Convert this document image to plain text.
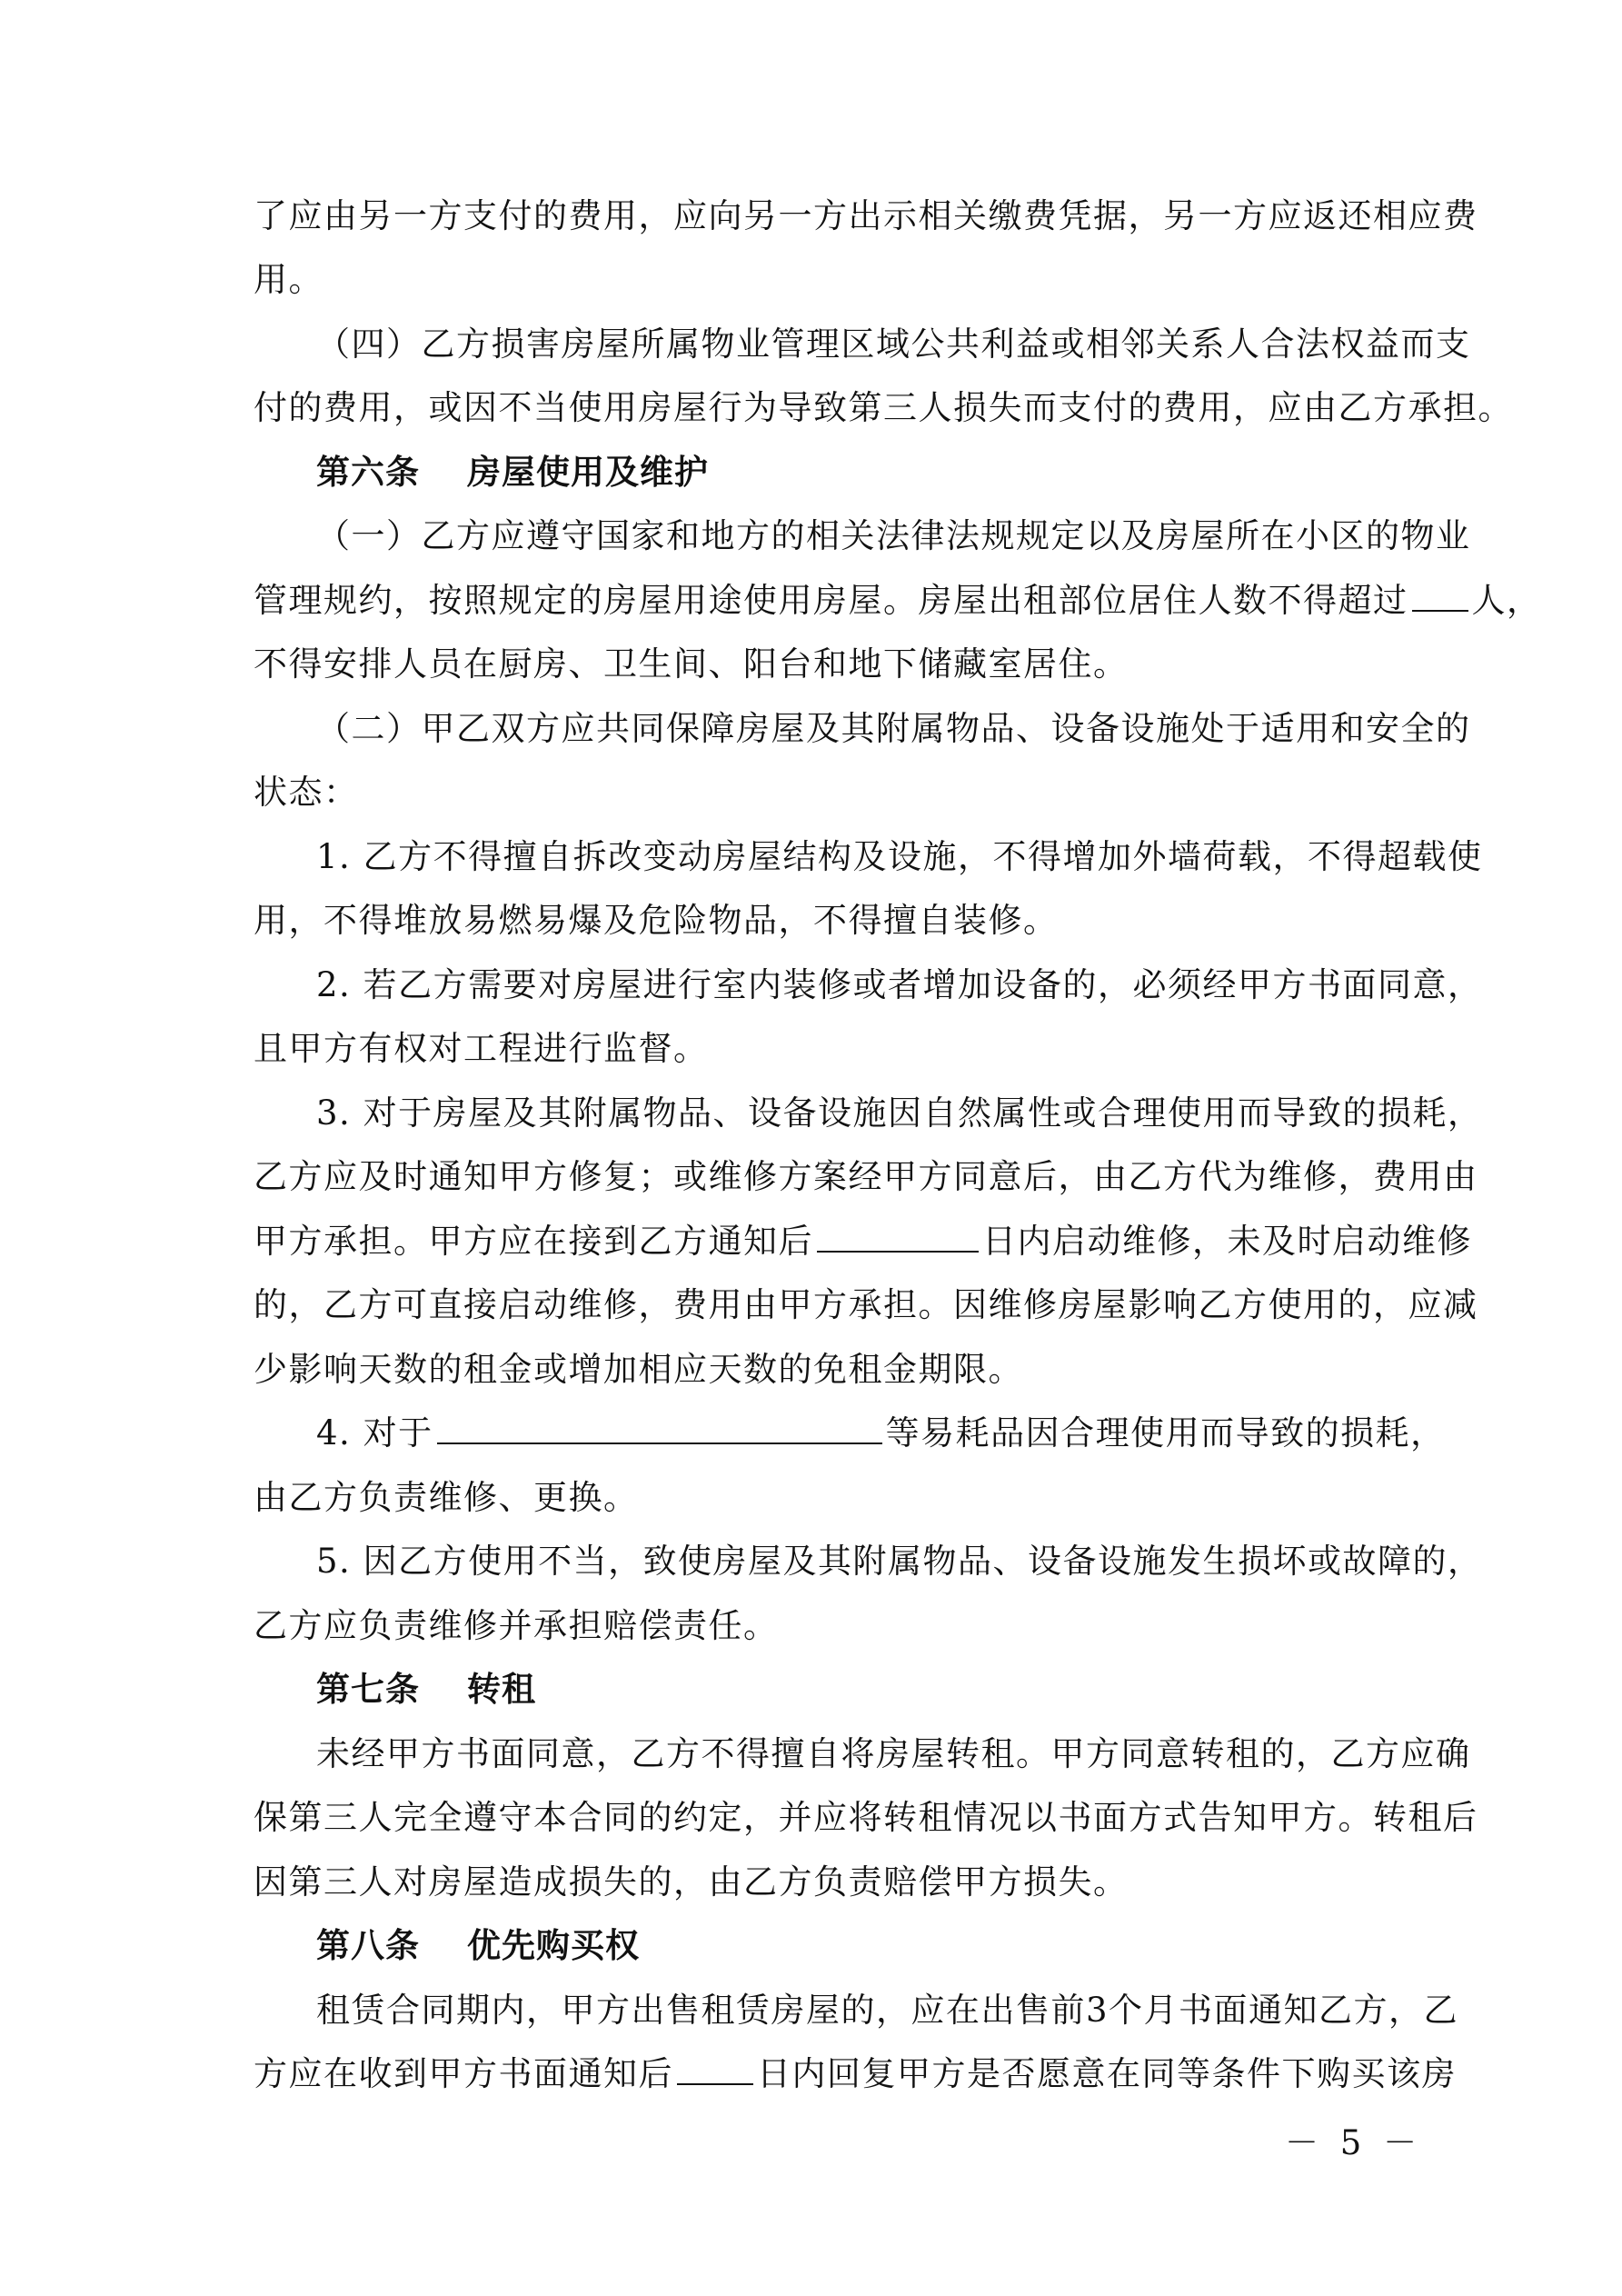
了应由另一方支付的费用，应向另一方出示相关缴费凭据，另一方应返还相应费

用。

（四）乙方损害房屋所属物业管理区域公共利益或相邻关系人合法权益而支

付的费用，或因不当使用房屋行为导致第三人损失而支付的费用，应由乙方承担。

第六条 房屋使用及维护

（一）乙方应遵守国家和地方的相关法律法规规定以及房屋所在小区的物业

管理规约，按照规定的房屋用途使用房屋。房屋出租部位居住人数不得超过 人，

不得安排人员在厨房、卫生间、阳台和地下储藏室居住。

（二）甲乙双方应共同保障房屋及其附属物品、设备设施处于适用和安全的

状态：

1. 乙方不得擅自拆改变动房屋结构及设施，不得增加外墙荷载，不得超载使

用，不得堆放易燃易爆及危险物品，不得擅自装修。

2. 若乙方需要对房屋进行室内装修或者增加设备的，必须经甲方书面同意，

且甲方有权对工程进行监督。

3. 对于房屋及其附属物品、设备设施因自然属性或合理使用而导致的损耗，

乙方应及时通知甲方修复；或维修方案经甲方同意后，由乙方代为维修，费用由

甲方承担。甲方应在接到乙方通知后	日内启动维修，未及时启动维修

的，乙方可直接启动维修，费用由甲方承担。因维修房屋影响乙方使用的，应减

少影响天数的租金或增加相应天数的免租金期限。

4. 对于	等易耗品因合理使用而导致的损耗，

由乙方负责维修、更换。

5. 因乙方使用不当，致使房屋及其附属物品、设备设施发生损坏或故障的，

乙方应负责维修并承担赔偿责任。

第七条 转租

未经甲方书面同意，乙方不得擅自将房屋转租。甲方同意转租的，乙方应确

保第三人完全遵守本合同的约定，并应将转租情况以书面方式告知甲方。转租后

因第三人对房屋造成损失的，由乙方负责赔偿甲方损失。

第八条 优先购买权

租赁合同期内，甲方出售租赁房屋的，应在出售前3个月书面通知乙方，乙

方应在收到甲方书面通知后 日内回复甲方是否愿意在同等条件下购买该房

－ 5 －
